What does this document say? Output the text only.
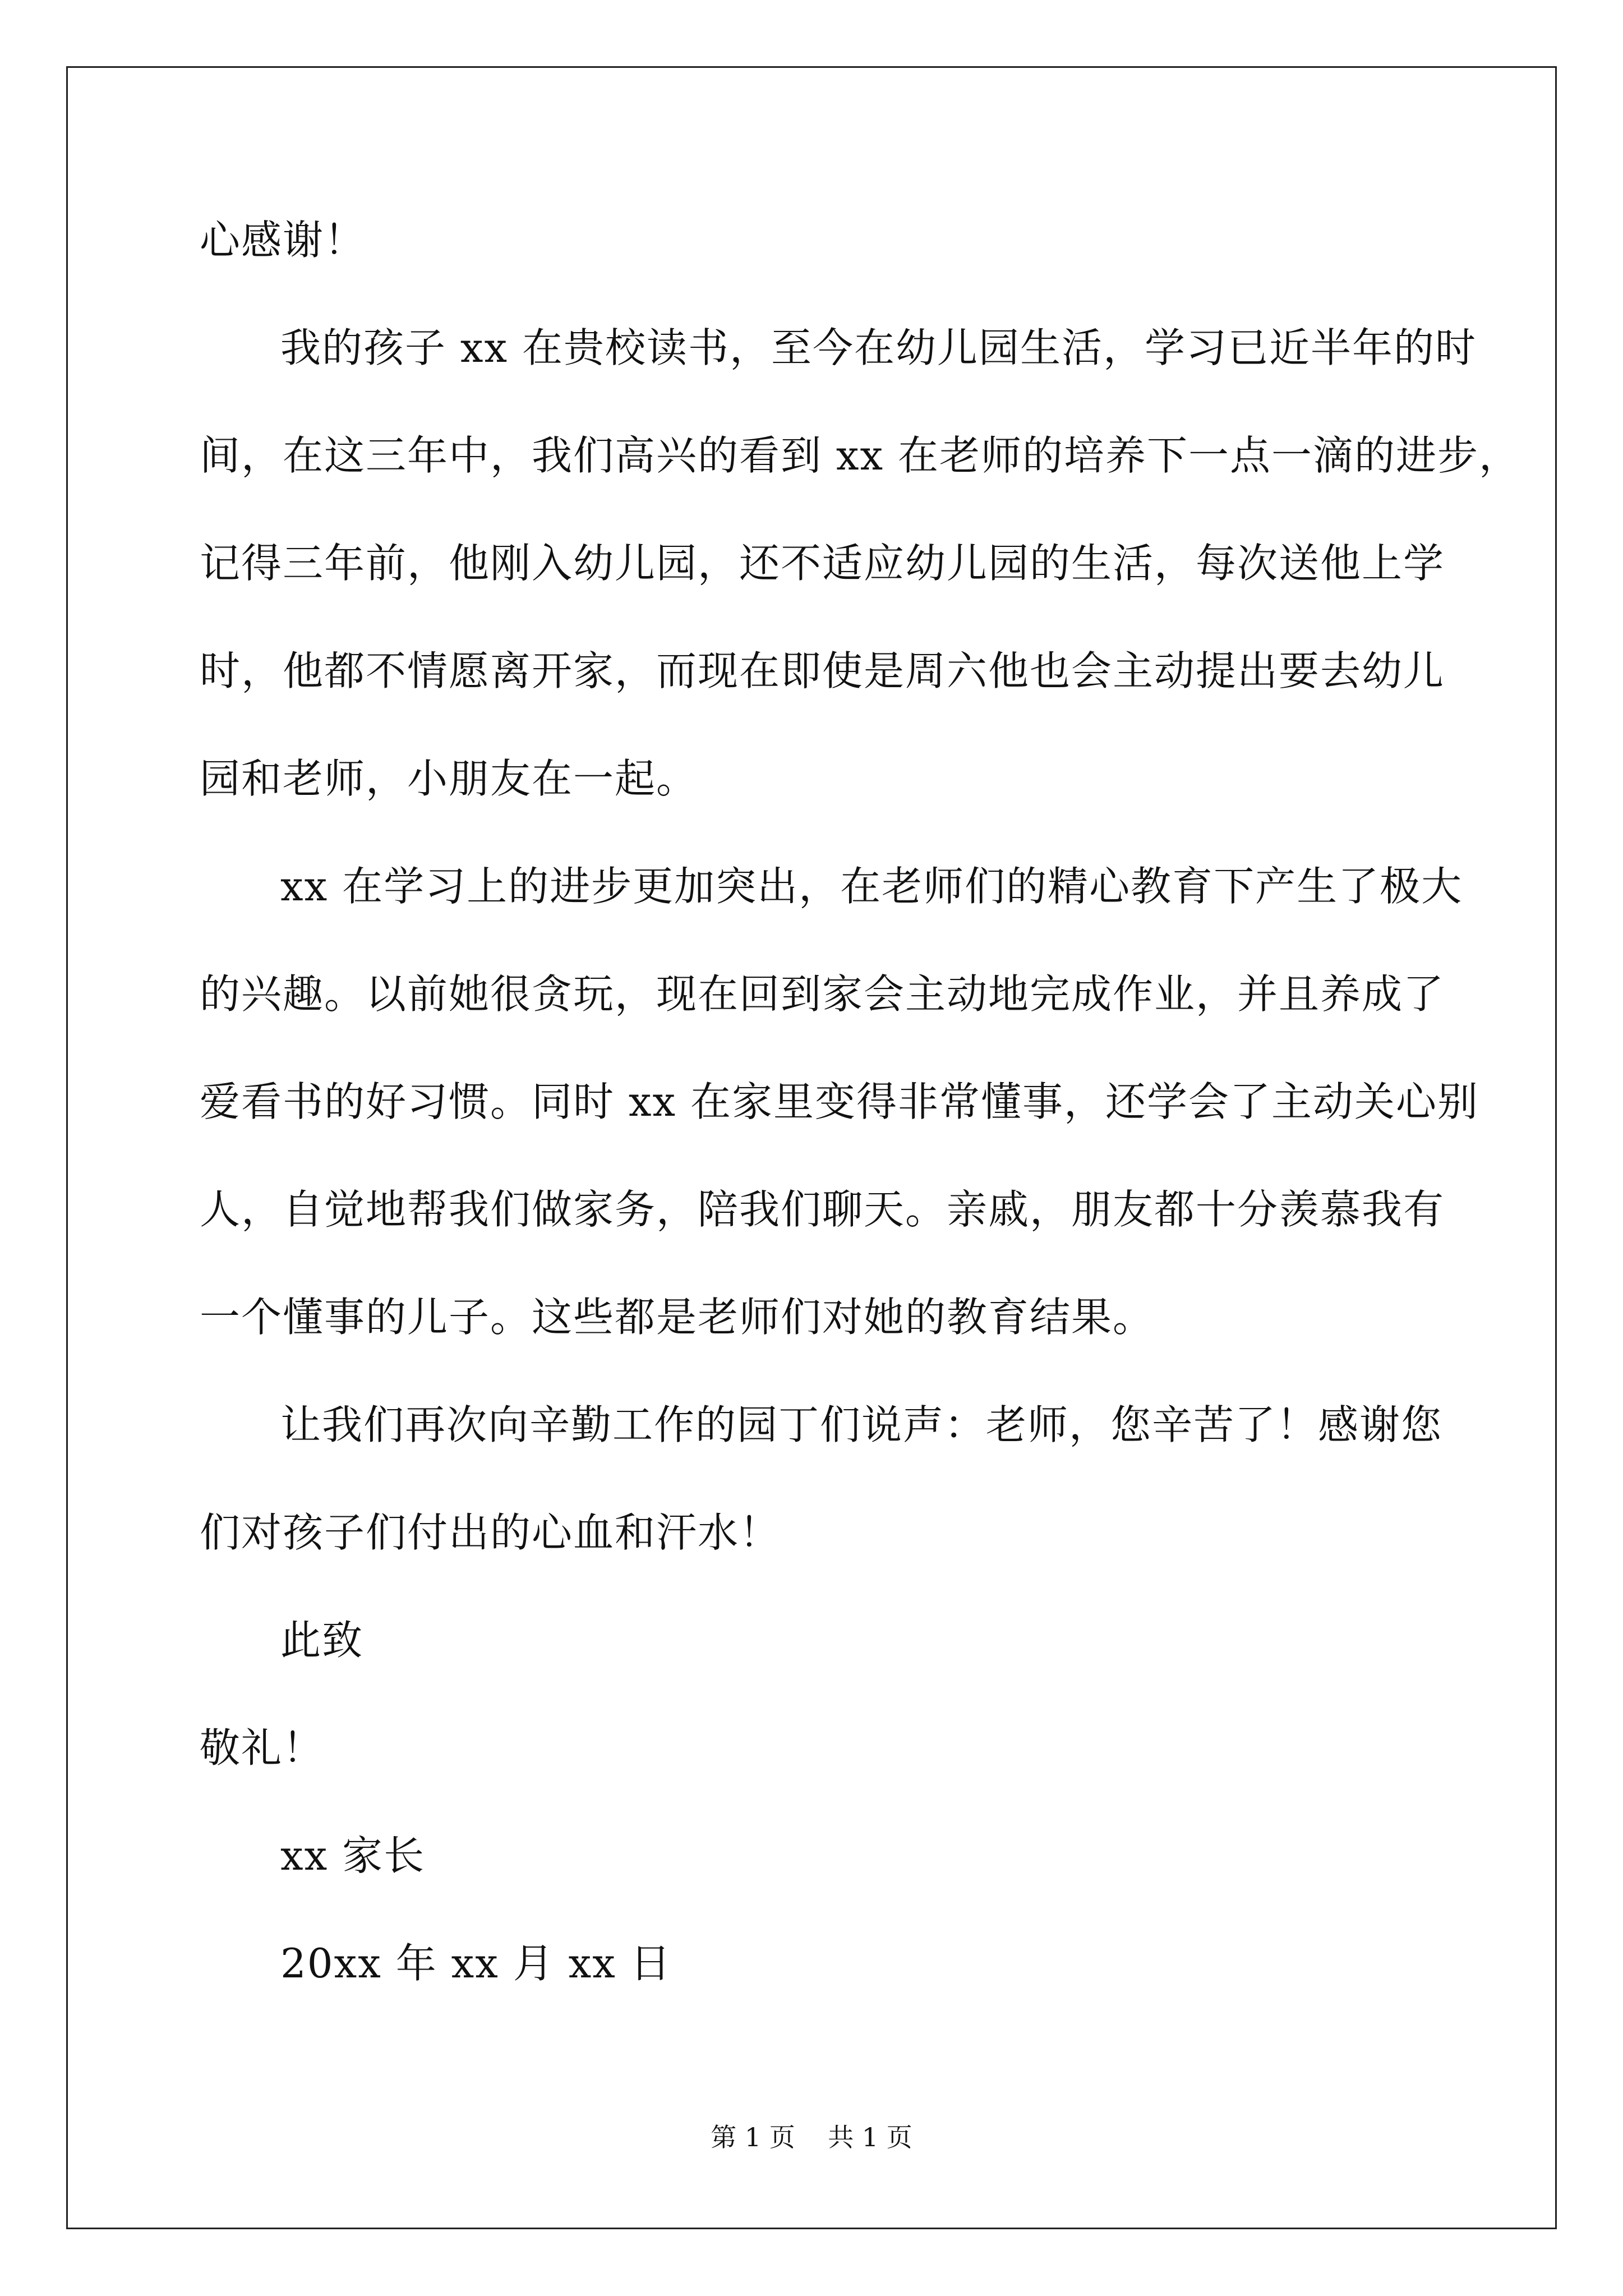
心感谢！
我的孩子 xx 在贵校读书，至今在幼儿园生活，学习已近半年的时
间，在这三年中，我们高兴的看到 xx 在老师的培养下一点一滴的进步，
记得三年前，他刚入幼儿园，还不适应幼儿园的生活，每次送他上学
时，他都不情愿离开家，而现在即使是周六他也会主动提出要去幼儿
园和老师，小朋友在一起。
xx 在学习上的进步更加突出，在老师们的精心教育下产生了极大
的兴趣。以前她很贪玩，现在回到家会主动地完成作业，并且养成了
爱看书的好习惯。同时 xx 在家里变得非常懂事，还学会了主动关心别
人，自觉地帮我们做家务，陪我们聊天。亲戚，朋友都十分羡慕我有
一个懂事的儿子。这些都是老师们对她的教育结果。
让我们再次向辛勤工作的园丁们说声：老师，您辛苦了！感谢您
们对孩子们付出的心血和汗水！
此致
敬礼！
xx 家长
20xx 年 xx 月 xx 日
第 1 页    共 1 页
